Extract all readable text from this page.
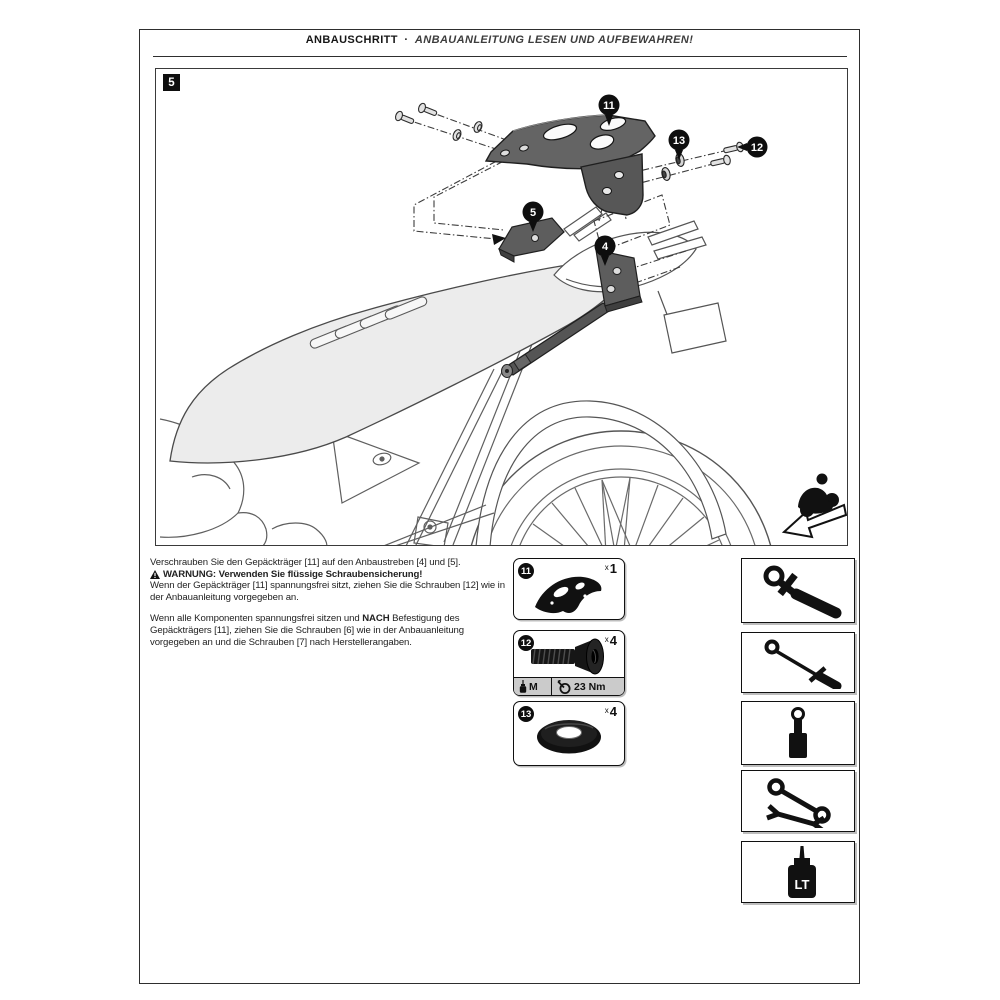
ANBAUSCHRITT · ANBAUANLEITUNG LESEN UND AUFBEWAHREN!
5
11
13
12
5
4
Verschrauben Sie den Gepäckträger [11] auf den Anbaustreben [4] und [5].
WARNUNG: Verwenden Sie flüssige Schraubensicherung!
Wenn der Gepäckträger [11] spannungsfrei sitzt, ziehen Sie die Schrauben [12] wie in der Anbauanleitung vorgegeben an.
Wenn alle Komponenten spannungsfrei sitzen und NACH Befestigung des Gepäckträgers [11], ziehen Sie die Schrauben [6] wie in der Anbauanleitung vorgegeben an und die Schrauben [7] nach Herstellerangaben.
11	$^x$1
12	$^x$4
M	23 Nm
13	$^x$4
LT
